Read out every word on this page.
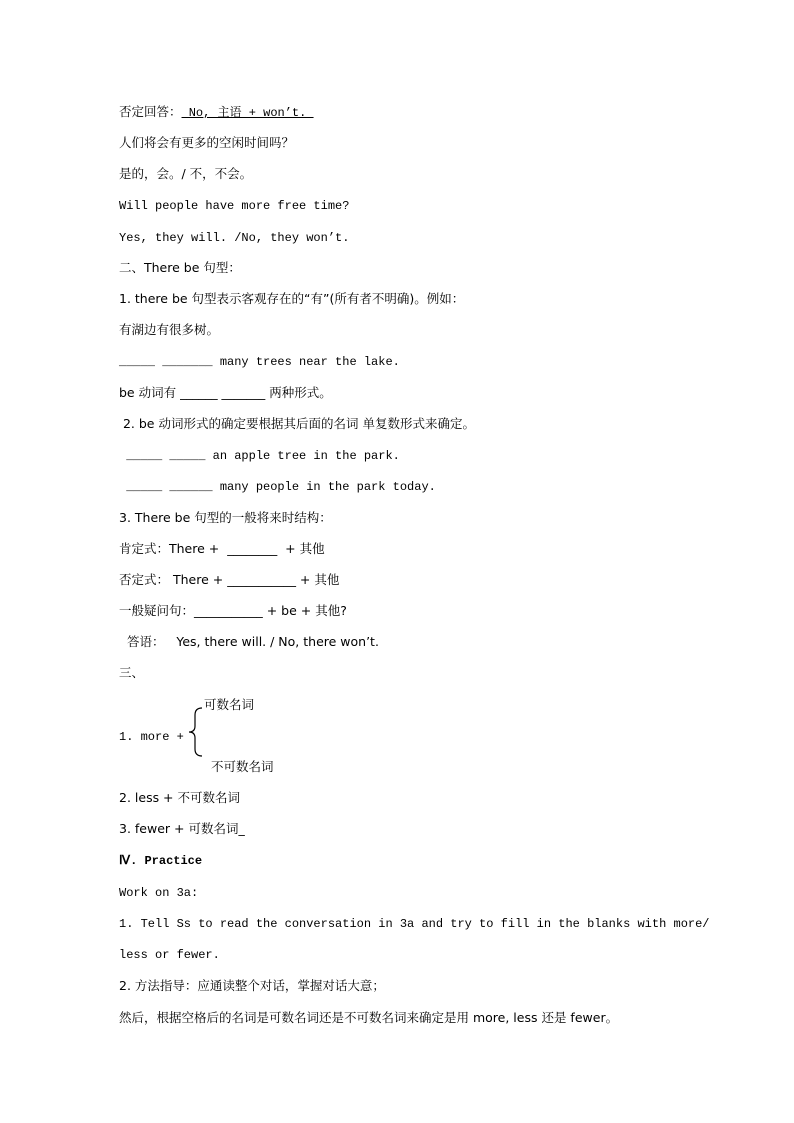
否定回答： No, 主语 + won’t.
人们将会有更多的空闲时间吗？
是的，会。/ 不，不会。
Will people have more free time?
Yes, they will. /No, they won’t.
二、There be 句型：
1. there be 句型表示客观存在的“有”(所有者不明确)。例如：
有湖边有很多树。
_____ _______ many trees near the lake.
be 动词有 ______ _______ 两种形式。
2. be 动词形式的确定要根据其后面的名词 单复数形式来确定。
_____ _____ an apple tree in the park.
_____ ______ many people in the park today.
3. There be 句型的一般将来时结构：
肯定式：There +  ________  + 其他
否定式： There + ___________ + 其他
一般疑问句：___________ + be + 其他?
答语：   Yes, there will. / No, there won’t.
三、
可数名词
1. more +
不可数名词
2. less + 不可数名词
3. fewer + 可数名词_
Ⅳ. Practice
Work on 3a:
1. Tell Ss to read the conversation in 3a and try to fill in the blanks with more/
less or fewer.
2. 方法指导：应通读整个对话，掌握对话大意；
然后，根据空格后的名词是可数名词还是不可数名词来确定是用 more, less 还是 fewer。
